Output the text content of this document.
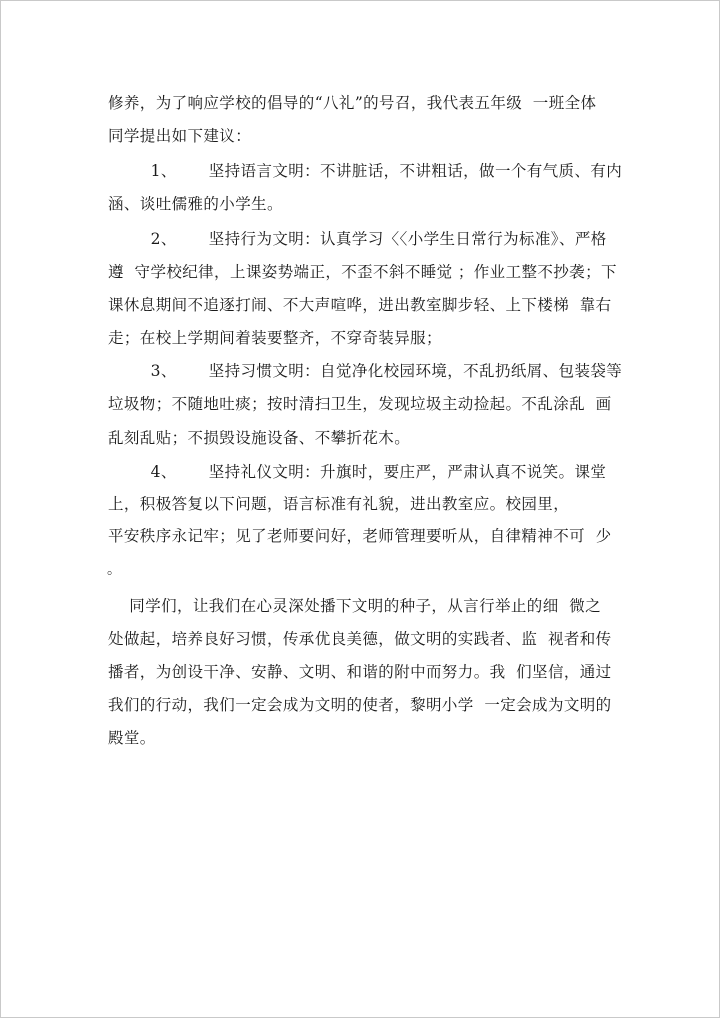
修养，为了响应学校的倡导的“八礼”的号召，我代表五年级  一班全体
同学提出如下建议：
1、      坚持语言文明：不讲脏话，不讲粗话，做一个有气质、有内
涵、谈吐儒雅的小学生。
2、      坚持行为文明：认真学习〈〈小学生日常行为标准》、严格
遵  守学校纪律，上课姿势端正，不歪不斜不睡觉 ；作业工整不抄袭；下
课休息期间不追逐打闹、不大声喧哗，进出教室脚步轻、上下楼梯  靠右
走；在校上学期间着装要整齐，不穿奇装异服；
3、      坚持习惯文明：自觉净化校园环境，不乱扔纸屑、包装袋等
垃圾物；不随地吐痰；按时清扫卫生，发现垃圾主动捡起。不乱涂乱  画
乱刻乱贴；不损毁设施设备、不攀折花木。
4、      坚持礼仪文明：升旗时，要庄严，严肃认真不说笑。课堂
上，积极答复以下问题，语言标准有礼貌，进出教室应。校园里，
平安秩序永记牢；见了老师要问好，老师管理要听从，自律精神不可  少
。
同学们，让我们在心灵深处播下文明的种子，从言行举止的细  微之
处做起，培养良好习惯，传承优良美德，做文明的实践者、监  视者和传
播者，为创设干净、安静、文明、和谐的附中而努力。我  们坚信，通过
我们的行动，我们一定会成为文明的使者，黎明小学  一定会成为文明的
殿堂。
